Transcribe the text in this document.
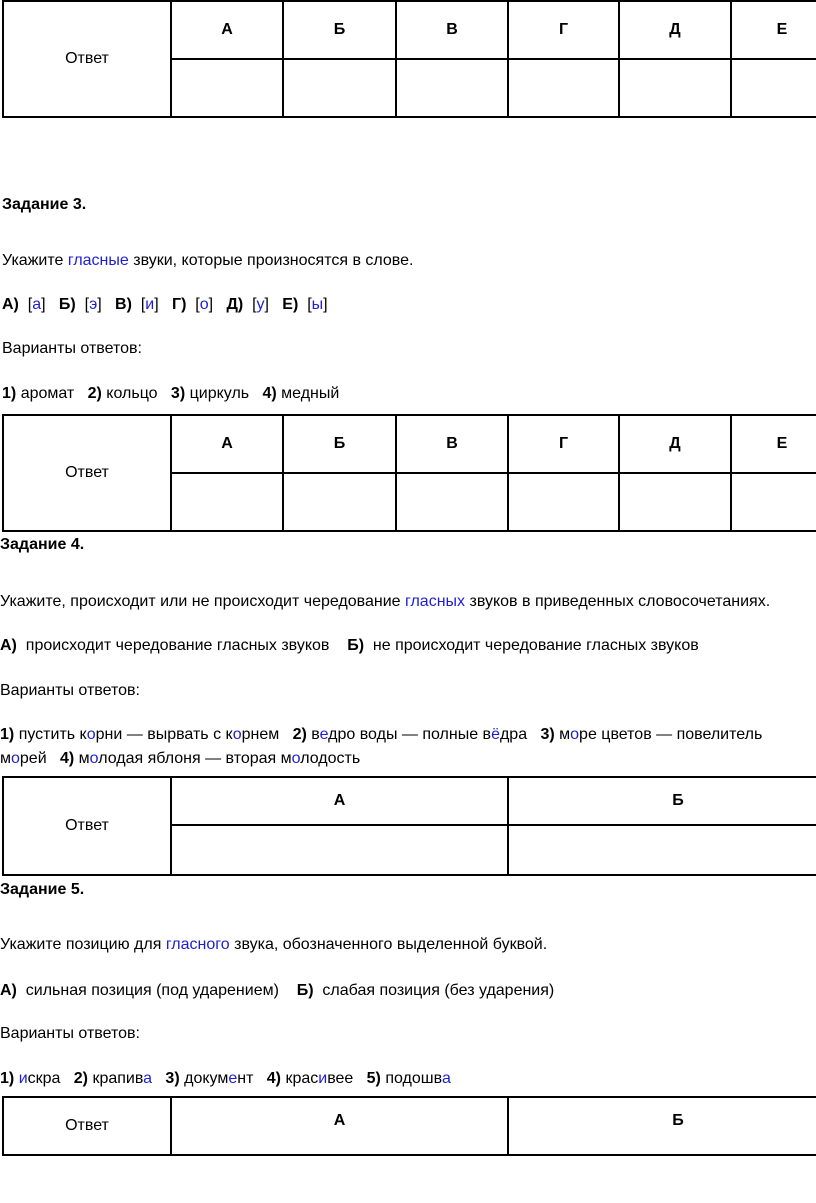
Ответ	А	Б	В	Г	Д	Е

Задание 3.
Укажите гласные звуки, которые произносятся в слове.
А)  [а]   Б)  [э]   В)  [и]   Г)  [о]   Д)  [у]   Е)  [ы]
Варианты ответов:
1) аромат 2) кольцо 3) циркуль 4) медный
Ответ	А	Б	В	Г	Д	Е

Задание 4.
Укажите, происходит или не происходит чередование гласных звуков в приведенных словосочетаниях.
А) происходит чередование гласных звуков Б) не происходит чередование гласных звуков
Варианты ответов:
1) пустить корни — вырвать с корнем 2) ведро воды — полные вёдра 3) море цветов — повелитель
морей 4) молодая яблоня — вторая молодость
Ответ	А	Б

Задание 5.
Укажите позицию для гласного звука, обозначенного выделенной буквой.
А) сильная позиция (под ударением) Б) слабая позиция (без ударения)
Варианты ответов:
1) искра 2) крапива 3) документ 4) красивее 5) подошва
Ответ	А	Б
